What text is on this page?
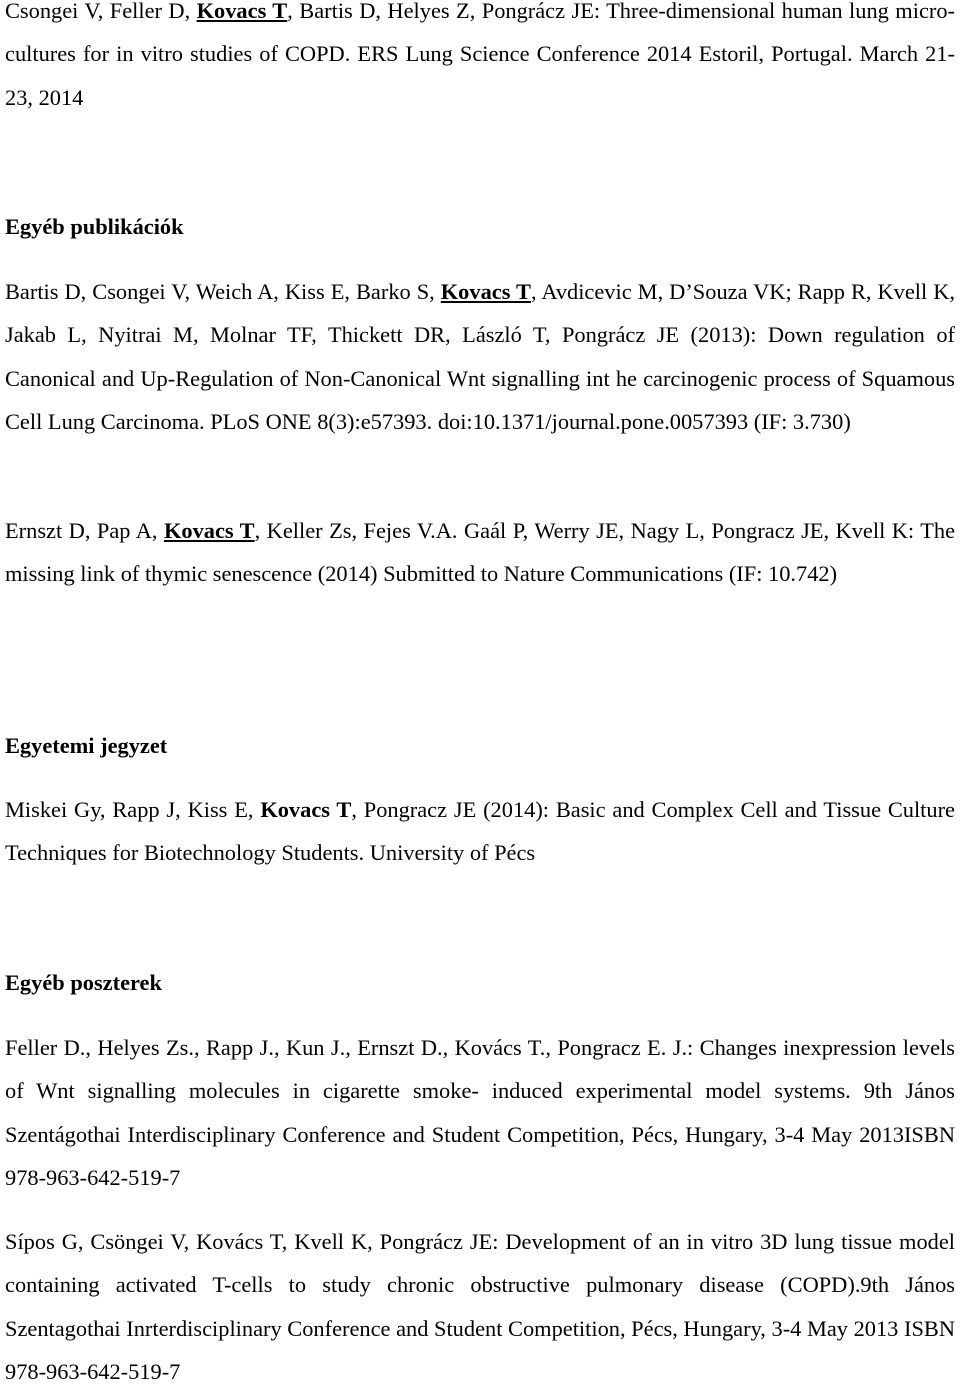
Csongei V, Feller D, Kovacs T, Bartis D, Helyes Z, Pongrácz JE: Three-dimensional human lung micro-cultures for in vitro studies of COPD. ERS Lung Science Conference 2014 Estoril, Portugal. March 21-23, 2014

Egyéb publikációk

Bartis D, Csongei V, Weich A, Kiss E, Barko S, Kovacs T, Avdicevic M, D’Souza VK; Rapp R, Kvell K, Jakab L, Nyitrai M, Molnar TF, Thickett DR, László T, Pongrácz JE (2013): Down regulation of Canonical and Up-Regulation of Non-Canonical Wnt signalling int he carcinogenic process of Squamous Cell Lung Carcinoma. PLoS ONE 8(3):e57393. doi:10.1371/journal.pone.0057393 (IF: 3.730)

Ernszt D, Pap A, Kovacs T, Keller Zs, Fejes V.A. Gaál P, Werry JE, Nagy L, Pongracz JE, Kvell K: The missing link of thymic senescence (2014) Submitted to Nature Communications (IF: 10.742)

Egyetemi jegyzet

Miskei Gy, Rapp J, Kiss E, Kovacs T, Pongracz JE (2014): Basic and Complex Cell and Tissue Culture Techniques for Biotechnology Students. University of Pécs

Egyéb poszterek

Feller D., Helyes Zs., Rapp J., Kun J., Ernszt D., Kovács T., Pongracz E. J.: Changes inexpression levels of Wnt signalling molecules in cigarette smoke- induced experimental model systems. 9th János Szentágothai Interdisciplinary Conference and Student Competition, Pécs, Hungary, 3-4 May 2013ISBN 978-963-642-519-7

Sípos G, Csöngei V, Kovács T, Kvell K, Pongrácz JE: Development of an in vitro 3D lung tissue model containing activated T-cells to study chronic obstructive pulmonary disease (COPD).9th János Szentagothai Inrterdisciplinary Conference and Student Competition, Pécs, Hungary, 3-4 May 2013 ISBN 978-963-642-519-7
